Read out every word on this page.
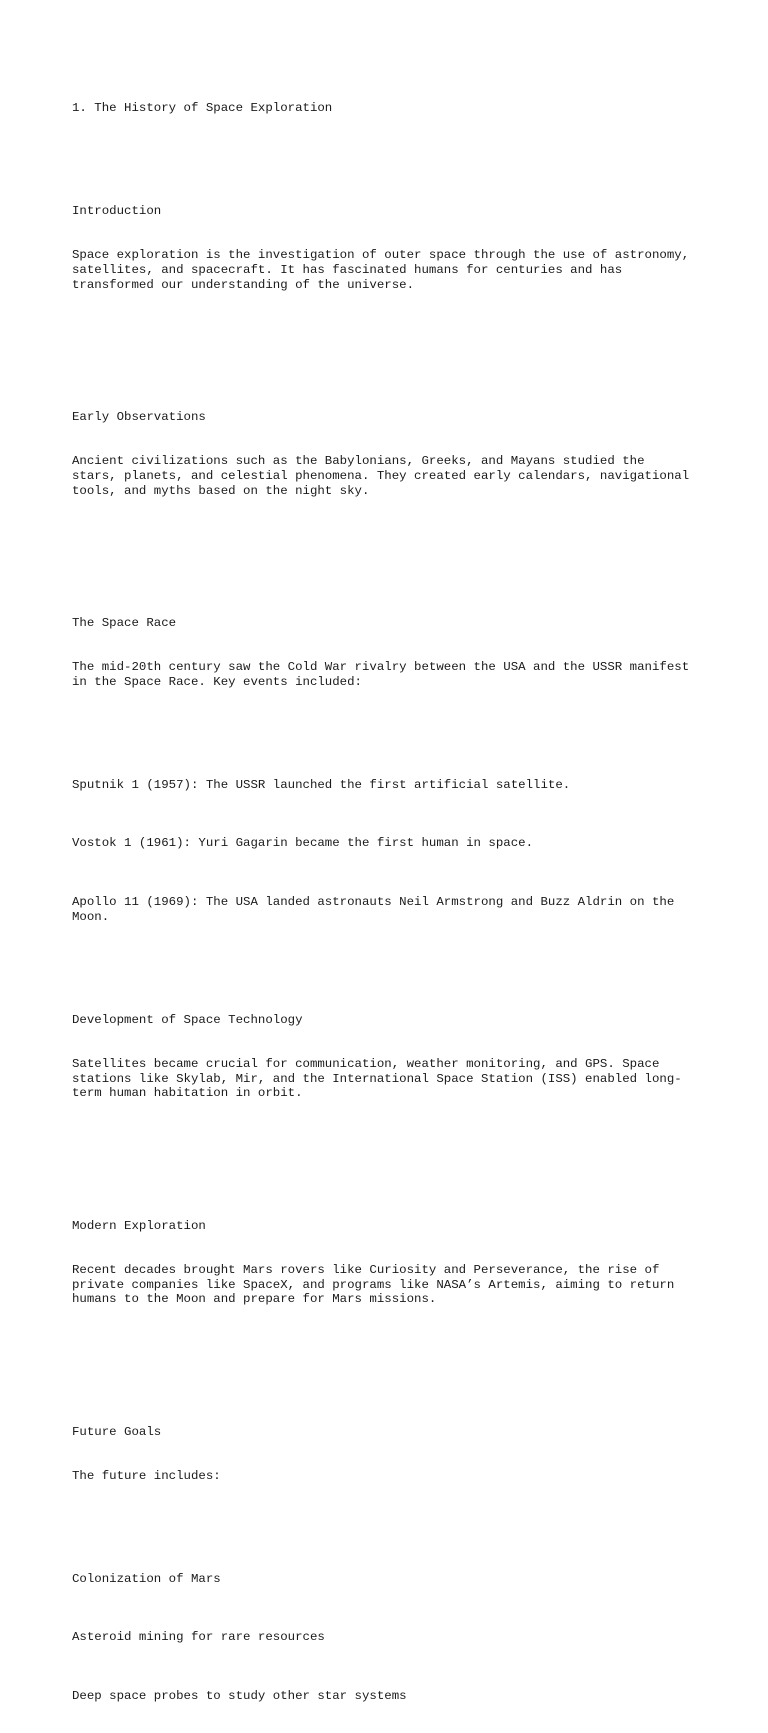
1. The History of Space Exploration

Introduction

Space exploration is the investigation of outer space through the use of astronomy,
satellites, and spacecraft. It has fascinated humans for centuries and has
transformed our understanding of the universe.

Early Observations

Ancient civilizations such as the Babylonians, Greeks, and Mayans studied the
stars, planets, and celestial phenomena. They created early calendars, navigational
tools, and myths based on the night sky.

The Space Race

The mid-20th century saw the Cold War rivalry between the USA and the USSR manifest
in the Space Race. Key events included:

Sputnik 1 (1957): The USSR launched the first artificial satellite.

Vostok 1 (1961): Yuri Gagarin became the first human in space.

Apollo 11 (1969): The USA landed astronauts Neil Armstrong and Buzz Aldrin on the
Moon.

Development of Space Technology

Satellites became crucial for communication, weather monitoring, and GPS. Space
stations like Skylab, Mir, and the International Space Station (ISS) enabled long-
term human habitation in orbit.

Modern Exploration

Recent decades brought Mars rovers like Curiosity and Perseverance, the rise of
private companies like SpaceX, and programs like NASA’s Artemis, aiming to return
humans to the Moon and prepare for Mars missions.

Future Goals

The future includes:

Colonization of Mars

Asteroid mining for rare resources

Deep space probes to study other star systems
